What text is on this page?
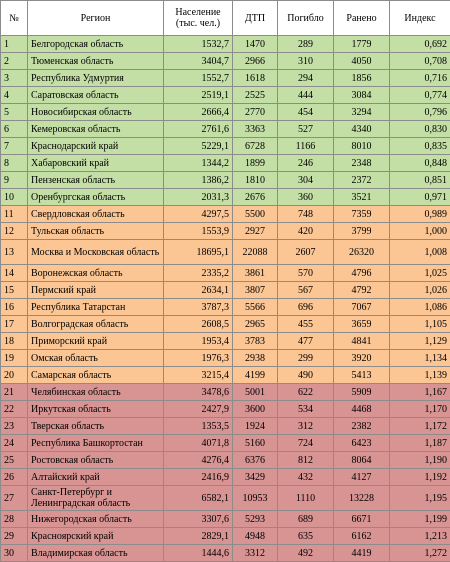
№	Регион	Население (тыс. чел.)	ДТП	Погибло	Ранено	Индекс
1	Белгородская область	1532,7	1470	289	1779	0,692
2	Тюменская область	3404,7	2966	310	4050	0,708
3	Республика Удмуртия	1552,7	1618	294	1856	0,716
4	Саратовская область	2519,1	2525	444	3084	0,774
5	Новосибирская область	2666,4	2770	454	3294	0,796
6	Кемеровская область	2761,6	3363	527	4340	0,830
7	Краснодарский край	5229,1	6728	1166	8010	0,835
8	Хабаровский край	1344,2	1899	246	2348	0,848
9	Пензенская область	1386,2	1810	304	2372	0,851
10	Оренбургская область	2031,3	2676	360	3521	0,971
11	Свердловская область	4297,5	5500	748	7359	0,989
12	Тульская область	1553,9	2927	420	3799	1,000
13	Москва и Московская область	18695,1	22088	2607	26320	1,008
14	Воронежская область	2335,2	3861	570	4796	1,025
15	Пермский край	2634,1	3807	567	4792	1,026
16	Республика Татарстан	3787,3	5566	696	7067	1,086
17	Волгоградская область	2608,5	2965	455	3659	1,105
18	Приморский край	1953,4	3783	477	4841	1,129
19	Омская область	1976,3	2938	299	3920	1,134
20	Самарская область	3215,4	4199	490	5413	1,139
21	Челябинская область	3478,6	5001	622	5909	1,167
22	Иркутская область	2427,9	3600	534	4468	1,170
23	Тверская область	1353,5	1924	312	2382	1,172
24	Республика Башкортостан	4071,8	5160	724	6423	1,187
25	Ростовская область	4276,4	6376	812	8064	1,190
26	Алтайский край	2416,9	3429	432	4127	1,192
27	Санкт-Петербург и Ленинградская область	6582,1	10953	1110	13228	1,195
28	Нижегородская область	3307,6	5293	689	6671	1,199
29	Красноярский край	2829,1	4948	635	6162	1,213
30	Владимирская область	1444,6	3312	492	4419	1,272
